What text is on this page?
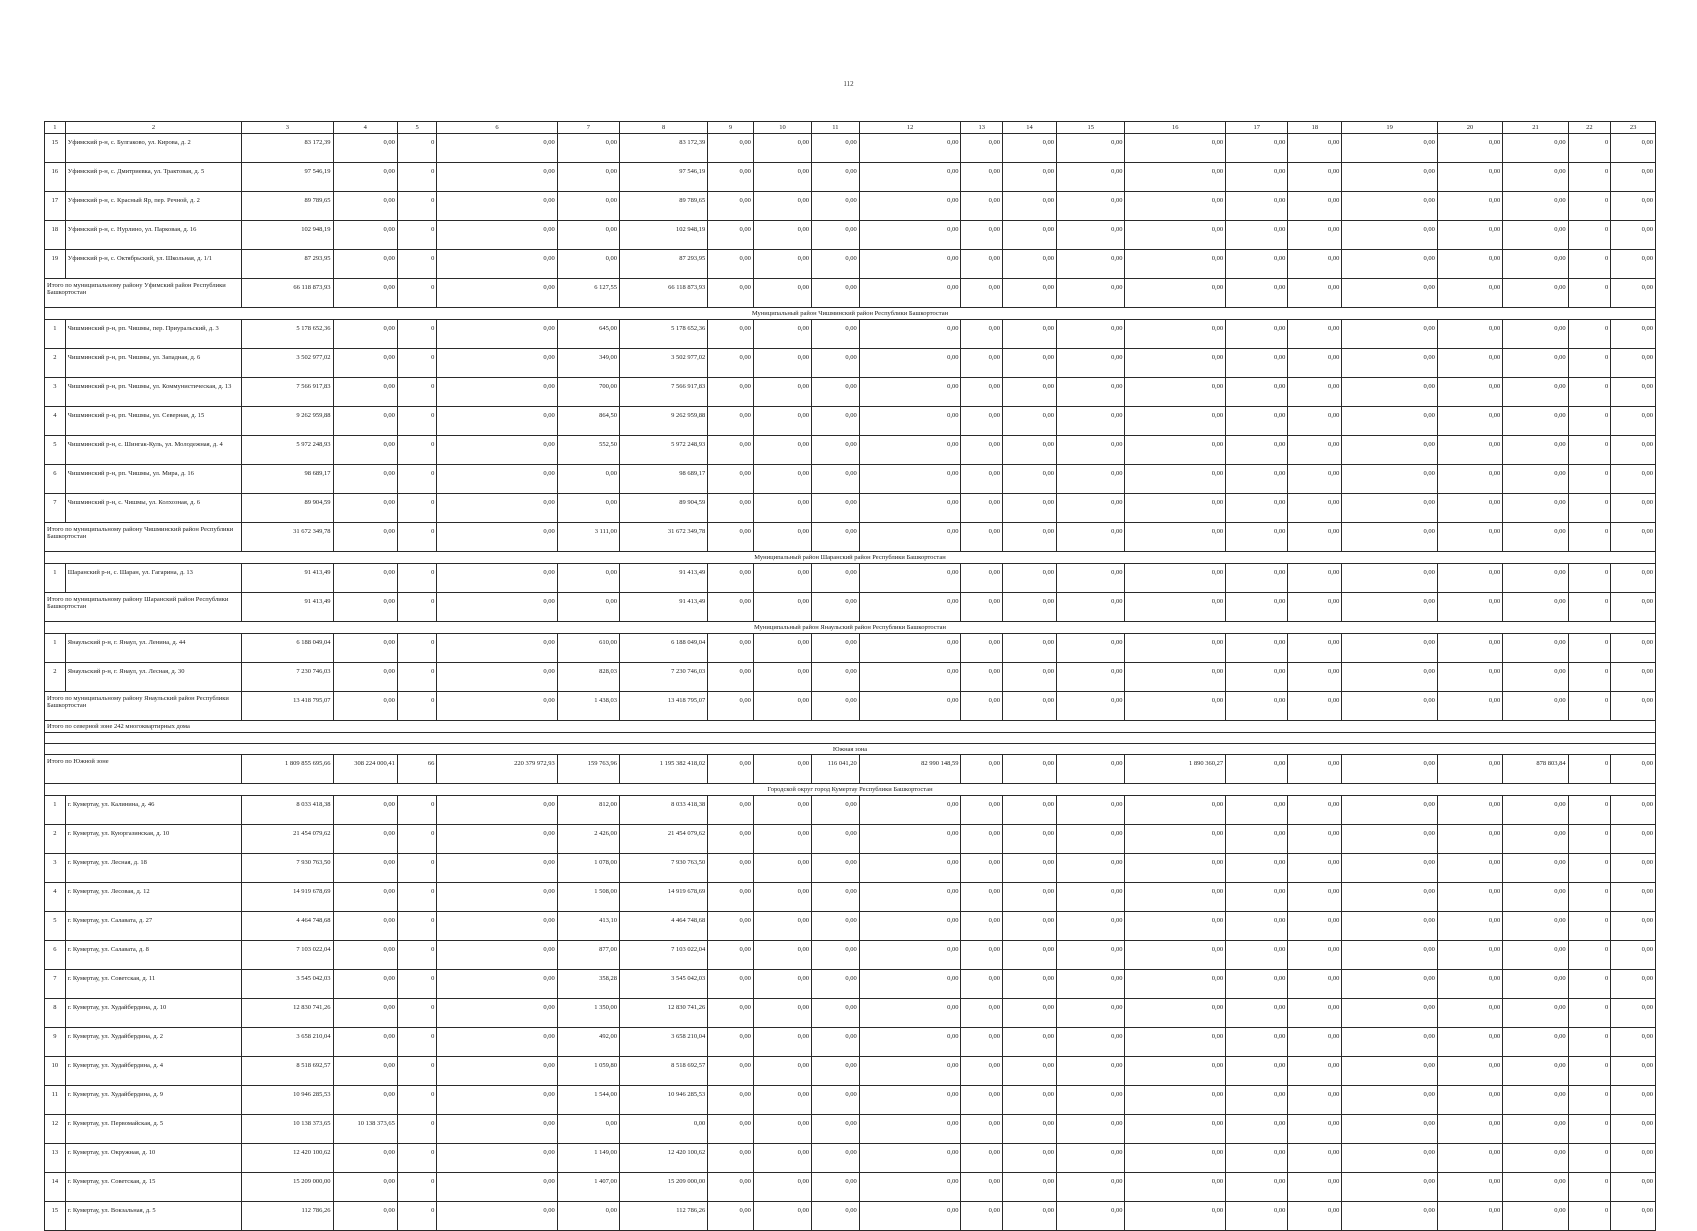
112
1	2	3	4	5	6	7	8	9	10	11	12	13	14	15	16	17	18	19	20	21	22	23
15	Уфимский р-н, с. Булгаково, ул. Кирова, д. 2	83 172,39	0,00	0	0,00	0,00	83 172,39	0,00	0,00	0,00	0,00	0,00	0,00	0,00	0,00	0,00	0,00	0,00	0,00	0,00	0	0,00
16	Уфимский р-н, с. Дмитриевка, ул. Трактовая, д. 5	97 546,19	0,00	0	0,00	0,00	97 546,19	0,00	0,00	0,00	0,00	0,00	0,00	0,00	0,00	0,00	0,00	0,00	0,00	0,00	0	0,00
17	Уфимский р-н, с. Красный Яр, пер. Речной, д. 2	89 789,65	0,00	0	0,00	0,00	89 789,65	0,00	0,00	0,00	0,00	0,00	0,00	0,00	0,00	0,00	0,00	0,00	0,00	0,00	0	0,00
18	Уфимский р-н, с. Нурлино, ул. Парковая, д. 16	102 948,19	0,00	0	0,00	0,00	102 948,19	0,00	0,00	0,00	0,00	0,00	0,00	0,00	0,00	0,00	0,00	0,00	0,00	0,00	0	0,00
19	Уфимский р-н, с. Октябрьский, ул. Школьная, д. 1/1	87 293,95	0,00	0	0,00	0,00	87 293,95	0,00	0,00	0,00	0,00	0,00	0,00	0,00	0,00	0,00	0,00	0,00	0,00	0,00	0	0,00
Итого по муниципальному району Уфимский район Республики Башкортостан		66 118 873,93	0,00	0	0,00	6 127,55	66 118 873,93	0,00	0,00	0,00	0,00	0,00	0,00	0,00	0,00	0,00	0,00	0,00	0,00	0,00	0	0,00
Муниципальный район Чишминский район Республики Башкортостан																						
1	Чишминский р-н, рп. Чишмы, пер. Приуральский, д. 3	5 178 652,36	0,00	0	0,00	645,00	5 178 652,36	0,00	0,00	0,00	0,00	0,00	0,00	0,00	0,00	0,00	0,00	0,00	0,00	0,00	0	0,00
2	Чишминский р-н, рп. Чишмы, ул. Западная, д. 6	3 502 977,02	0,00	0	0,00	349,00	3 502 977,02	0,00	0,00	0,00	0,00	0,00	0,00	0,00	0,00	0,00	0,00	0,00	0,00	0,00	0	0,00
3	Чишминский р-н, рп. Чишмы, ул. Коммунистическая, д. 13	7 566 917,83	0,00	0	0,00	700,00	7 566 917,83	0,00	0,00	0,00	0,00	0,00	0,00	0,00	0,00	0,00	0,00	0,00	0,00	0,00	0	0,00
4	Чишминский р-н, рп. Чишмы, ул. Северная, д. 15	9 262 959,88	0,00	0	0,00	864,50	9 262 959,88	0,00	0,00	0,00	0,00	0,00	0,00	0,00	0,00	0,00	0,00	0,00	0,00	0,00	0	0,00
5	Чишминский р-н, с. Шингак-Куль, ул. Молодежная, д. 4	5 972 248,93	0,00	0	0,00	552,50	5 972 248,93	0,00	0,00	0,00	0,00	0,00	0,00	0,00	0,00	0,00	0,00	0,00	0,00	0,00	0	0,00
6	Чишминский р-н, рп. Чишмы, ул. Мира, д. 16	98 689,17	0,00	0	0,00	0,00	98 689,17	0,00	0,00	0,00	0,00	0,00	0,00	0,00	0,00	0,00	0,00	0,00	0,00	0,00	0	0,00
7	Чишминский р-н, с. Чишмы, ул. Колхозная, д. 6	89 904,59	0,00	0	0,00	0,00	89 904,59	0,00	0,00	0,00	0,00	0,00	0,00	0,00	0,00	0,00	0,00	0,00	0,00	0,00	0	0,00
Итого по муниципальному району Чишминский район Республики Башкортостан		31 672 349,78	0,00	0	0,00	3 111,00	31 672 349,78	0,00	0,00	0,00	0,00	0,00	0,00	0,00	0,00	0,00	0,00	0,00	0,00	0,00	0	0,00
Муниципальный район Шаранский район Республики Башкортостан																						
1	Шаранский р-н, с. Шаран, ул. Гагарина, д. 13	91 413,49	0,00	0	0,00	0,00	91 413,49	0,00	0,00	0,00	0,00	0,00	0,00	0,00	0,00	0,00	0,00	0,00	0,00	0,00	0	0,00
Итого по муниципальному району Шаранский район Республики Башкортостан		91 413,49	0,00	0	0,00	0,00	91 413,49	0,00	0,00	0,00	0,00	0,00	0,00	0,00	0,00	0,00	0,00	0,00	0,00	0,00	0	0,00
Муниципальный район Янаульский район Республики Башкортостан																						
1	Янаульский р-н, г. Янаул, ул. Ленина, д. 44	6 188 049,04	0,00	0	0,00	610,00	6 188 049,04	0,00	0,00	0,00	0,00	0,00	0,00	0,00	0,00	0,00	0,00	0,00	0,00	0,00	0	0,00
2	Янаульский р-н, г. Янаул, ул. Лесная, д. 30	7 230 746,03	0,00	0	0,00	828,03	7 230 746,03	0,00	0,00	0,00	0,00	0,00	0,00	0,00	0,00	0,00	0,00	0,00	0,00	0,00	0	0,00
Итого по муниципальному району Янаульский район Республики Башкортостан		13 418 795,07	0,00	0	0,00	1 438,03	13 418 795,07	0,00	0,00	0,00	0,00	0,00	0,00	0,00	0,00	0,00	0,00	0,00	0,00	0,00	0	0,00
Итого по северной зоне 242 многоквартирных дома																						

Южная зона																						
Итого по Южной зоне		1 809 855 695,66	308 224 000,41	66	220 379 972,93	159 763,96	1 195 382 418,02	0,00	0,00	116 041,20	82 990 148,59	0,00	0,00	0,00	1 890 360,27	0,00	0,00	0,00	0,00	878 803,84	0	0,00
Городской округ город Кумертау Республики Башкортостан																						
1	г. Кумертау, ул. Калинина, д. 46	8 033 418,38	0,00	0	0,00	812,00	8 033 418,38	0,00	0,00	0,00	0,00	0,00	0,00	0,00	0,00	0,00	0,00	0,00	0,00	0,00	0	0,00
2	г. Кумертау, ул. Куюргазинская, д. 10	21 454 079,62	0,00	0	0,00	2 426,00	21 454 079,62	0,00	0,00	0,00	0,00	0,00	0,00	0,00	0,00	0,00	0,00	0,00	0,00	0,00	0	0,00
3	г. Кумертау, ул. Лесная, д. 18	7 930 763,50	0,00	0	0,00	1 078,00	7 930 763,50	0,00	0,00	0,00	0,00	0,00	0,00	0,00	0,00	0,00	0,00	0,00	0,00	0,00	0	0,00
4	г. Кумертау, ул. Лесовая, д. 12	14 919 678,69	0,00	0	0,00	1 508,00	14 919 678,69	0,00	0,00	0,00	0,00	0,00	0,00	0,00	0,00	0,00	0,00	0,00	0,00	0,00	0	0,00
5	г. Кумертау, ул. Салавата, д. 27	4 464 748,68	0,00	0	0,00	413,10	4 464 748,68	0,00	0,00	0,00	0,00	0,00	0,00	0,00	0,00	0,00	0,00	0,00	0,00	0,00	0	0,00
6	г. Кумертау, ул. Салавата, д. 8	7 103 022,04	0,00	0	0,00	877,00	7 103 022,04	0,00	0,00	0,00	0,00	0,00	0,00	0,00	0,00	0,00	0,00	0,00	0,00	0,00	0	0,00
7	г. Кумертау, ул. Советская, д. 11	3 545 042,03	0,00	0	0,00	358,28	3 545 042,03	0,00	0,00	0,00	0,00	0,00	0,00	0,00	0,00	0,00	0,00	0,00	0,00	0,00	0	0,00
8	г. Кумертау, ул. Худайбердина, д. 10	12 830 741,26	0,00	0	0,00	1 350,00	12 830 741,26	0,00	0,00	0,00	0,00	0,00	0,00	0,00	0,00	0,00	0,00	0,00	0,00	0,00	0	0,00
9	г. Кумертау, ул. Худайбердина, д. 2	3 658 210,04	0,00	0	0,00	492,00	3 658 210,04	0,00	0,00	0,00	0,00	0,00	0,00	0,00	0,00	0,00	0,00	0,00	0,00	0,00	0	0,00
10	г. Кумертау, ул. Худайбердина, д. 4	8 518 692,57	0,00	0	0,00	1 059,80	8 518 692,57	0,00	0,00	0,00	0,00	0,00	0,00	0,00	0,00	0,00	0,00	0,00	0,00	0,00	0	0,00
11	г. Кумертау, ул. Худайбердина, д. 9	10 946 285,53	0,00	0	0,00	1 544,00	10 946 285,53	0,00	0,00	0,00	0,00	0,00	0,00	0,00	0,00	0,00	0,00	0,00	0,00	0,00	0	0,00
12	г. Кумертау, ул. Первомайская, д. 5	10 138 373,65	10 138 373,65	0	0,00	0,00	0,00	0,00	0,00	0,00	0,00	0,00	0,00	0,00	0,00	0,00	0,00	0,00	0,00	0,00	0	0,00
13	г. Кумертау, ул. Окружная, д. 10	12 420 100,62	0,00	0	0,00	1 149,00	12 420 100,62	0,00	0,00	0,00	0,00	0,00	0,00	0,00	0,00	0,00	0,00	0,00	0,00	0,00	0	0,00
14	г. Кумертау, ул. Советская, д. 15	15 209 000,00	0,00	0	0,00	1 407,00	15 209 000,00	0,00	0,00	0,00	0,00	0,00	0,00	0,00	0,00	0,00	0,00	0,00	0,00	0,00	0	0,00
15	г. Кумертау, ул. Вокзальная, д. 5	112 786,26	0,00	0	0,00	0,00	112 786,26	0,00	0,00	0,00	0,00	0,00	0,00	0,00	0,00	0,00	0,00	0,00	0,00	0,00	0	0,00
